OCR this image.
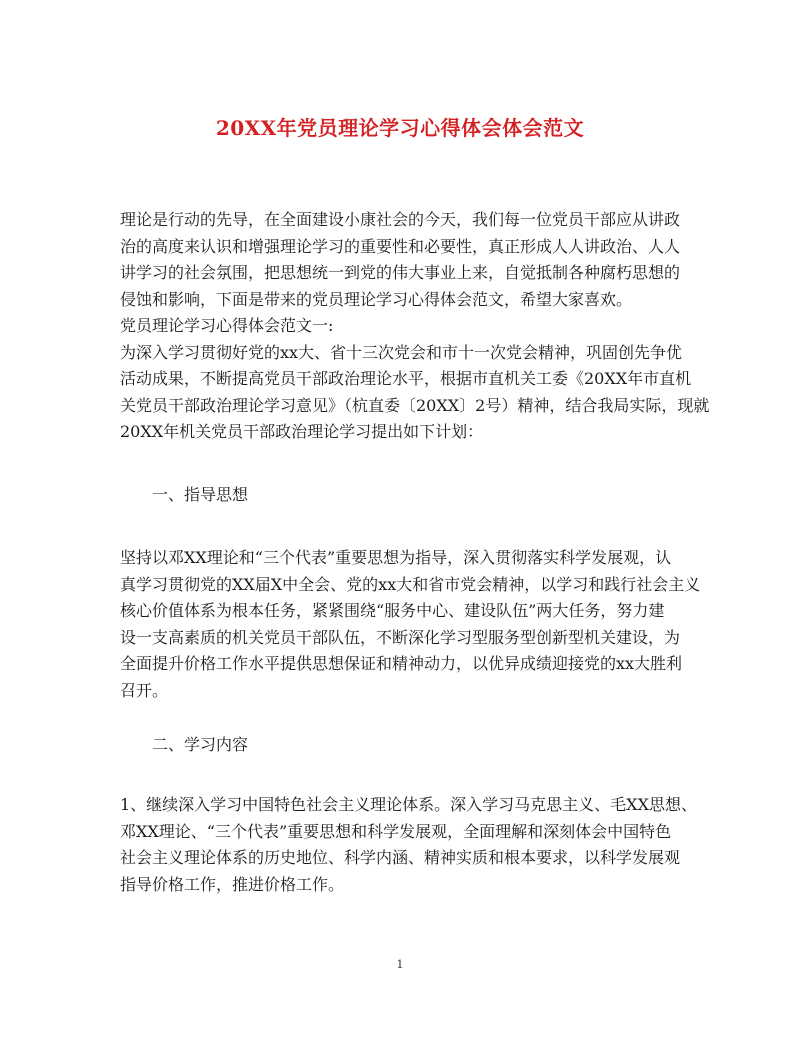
20XX年党员理论学习心得体会体会范文
理论是行动的先导，在全面建设小康社会的今天，我们每一位党员干部应从讲政
治的高度来认识和增强理论学习的重要性和必要性，真正形成人人讲政治、人人
讲学习的社会氛围，把思想统一到党的伟大事业上来，自觉抵制各种腐朽思想的
侵蚀和影响，下面是带来的党员理论学习心得体会范文，希望大家喜欢。
党员理论学习心得体会范文一:
为深入学习贯彻好党的xx大、省十三次党会和市十一次党会精神，巩固创先争优
活动成果，不断提高党员干部政治理论水平，根据市直机关工委《20XX年市直机
关党员干部政治理论学习意见》（杭直委〔20XX〕2号）精神，结合我局实际，现就
20XX年机关党员干部政治理论学习提出如下计划：
一、指导思想
坚持以邓XX理论和“三个代表”重要思想为指导，深入贯彻落实科学发展观，认
真学习贯彻党的XX届X中全会、党的xx大和省市党会精神，以学习和践行社会主义
核心价值体系为根本任务，紧紧围绕“服务中心、建设队伍”两大任务，努力建
设一支高素质的机关党员干部队伍，不断深化学习型服务型创新型机关建设，为
全面提升价格工作水平提供思想保证和精神动力，以优异成绩迎接党的xx大胜利
召开。
二、学习内容
1、继续深入学习中国特色社会主义理论体系。深入学习马克思主义、毛XX思想、
邓XX理论、“三个代表”重要思想和科学发展观，全面理解和深刻体会中国特色
社会主义理论体系的历史地位、科学内涵、精神实质和根本要求，以科学发展观
指导价格工作，推进价格工作。
1
